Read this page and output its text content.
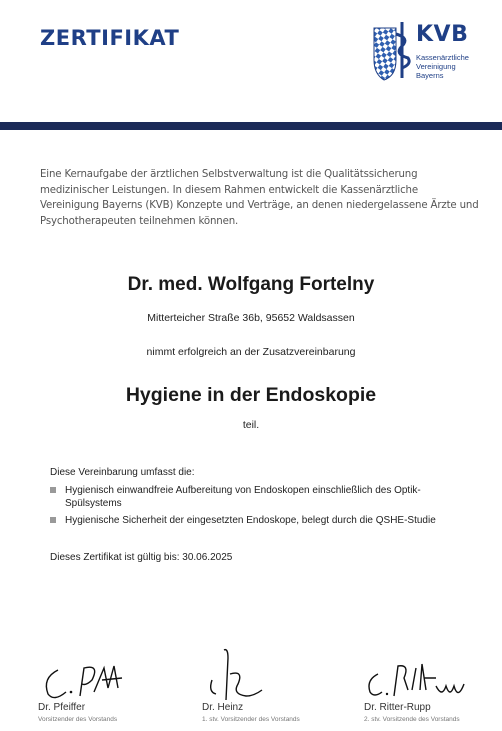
ZERTIFIKAT	KVB
Kassenärztliche
Vereinigung
Bayerns
Eine Kernaufgabe der ärztlichen Selbstverwaltung ist die Qualitätssicherung medizinischer Leistungen. In diesem Rahmen entwickelt die Kassenärztliche Vereinigung Bayerns (KVB) Konzepte und Verträge, an denen niedergelassene Ärzte und Psychotherapeuten teilnehmen können.
Dr. med. Wolfgang Fortelny
Mitterteicher Straße 36b, 95652 Waldsassen
nimmt erfolgreich an der Zusatzvereinbarung
Hygiene in der Endoskopie
teil.
Diese Vereinbarung umfasst die:
Hygienisch einwandfreie Aufbereitung von Endoskopen einschließlich des Optik-Spülsystems
Hygienische Sicherheit der eingesetzten Endoskope, belegt durch die QSHE-Studie
Dieses Zertifikat ist gültig bis: 30.06.2025
Dr. Pfeiffer
Vorsitzender des Vorstands
Dr. Heinz
1. stv. Vorsitzender des Vorstands
Dr. Ritter-Rupp
2. stv. Vorsitzende des Vorstands
